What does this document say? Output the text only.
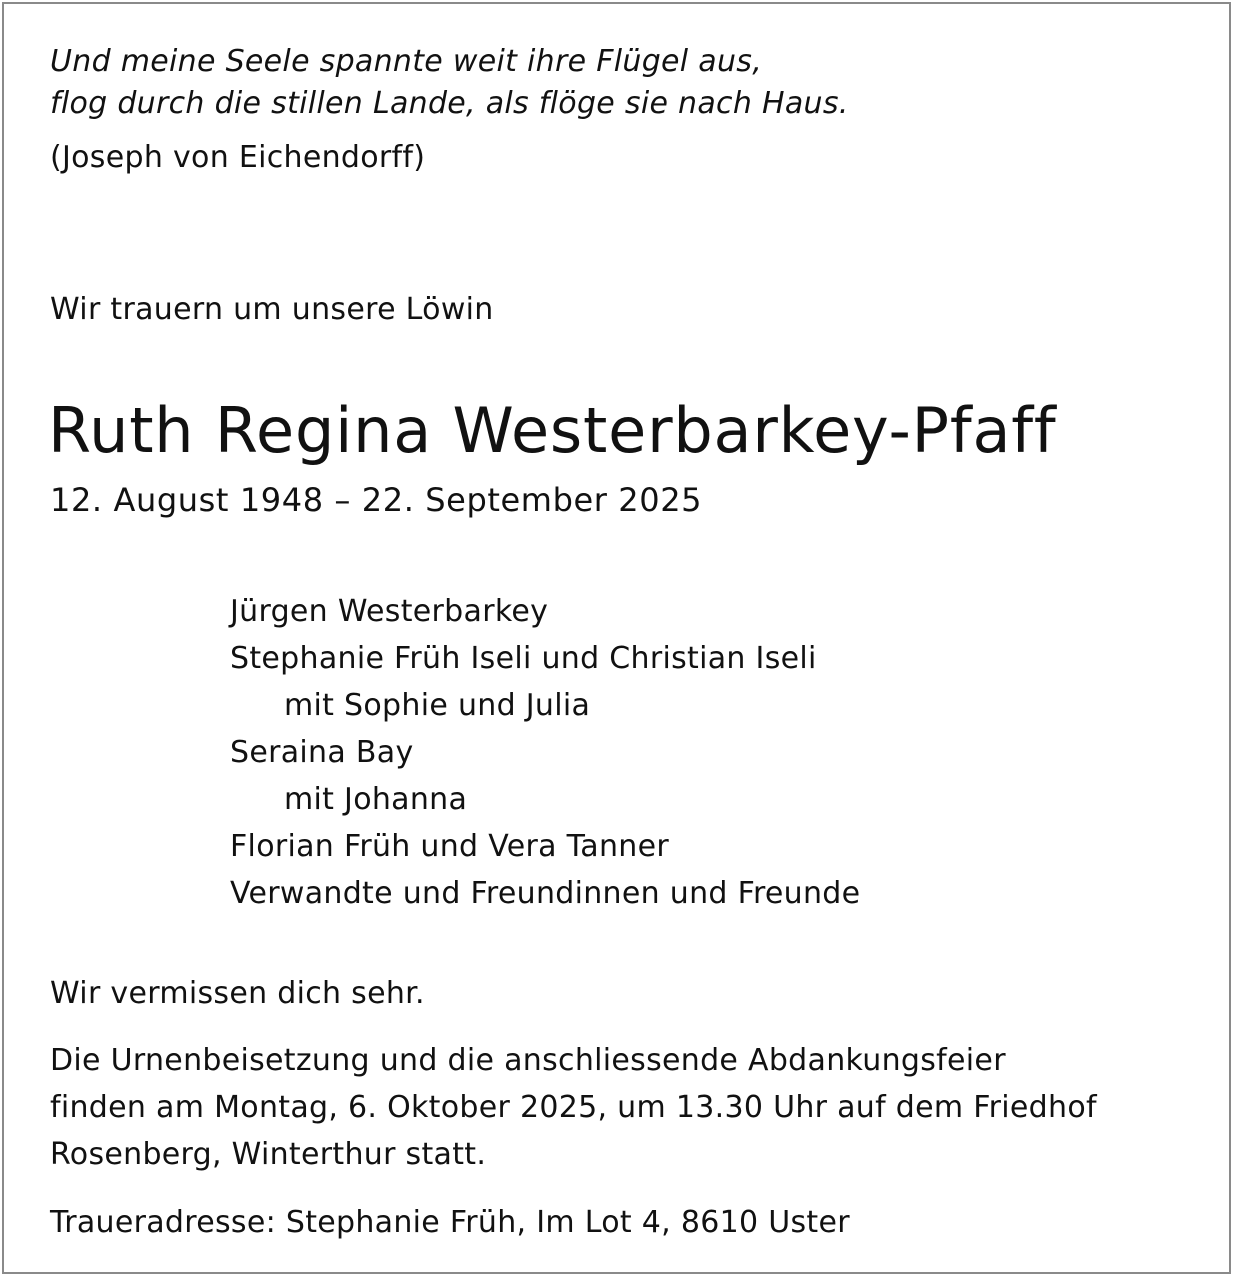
Und meine Seele spannte weit ihre Flügel aus,

flog durch die stillen Lande, als flöge sie nach Haus.

(Joseph von Eichendorff)

Wir trauern um unsere Löwin

Ruth Regina Westerbarkey-Pfaff

12. August 1948 – 22. September 2025

Jürgen Westerbarkey

Stephanie Früh Iseli und Christian Iseli

mit Sophie und Julia

Seraina Bay

mit Johanna

Florian Früh und Vera Tanner

Verwandte und Freundinnen und Freunde

Wir vermissen dich sehr.

Die Urnenbeisetzung und die anschliessende Abdankungsfeier

finden am Montag, 6. Oktober 2025, um 13.30 Uhr auf dem Friedhof

Rosenberg, Winterthur statt.

Traueradresse: Stephanie Früh, Im Lot 4, 8610 Uster
